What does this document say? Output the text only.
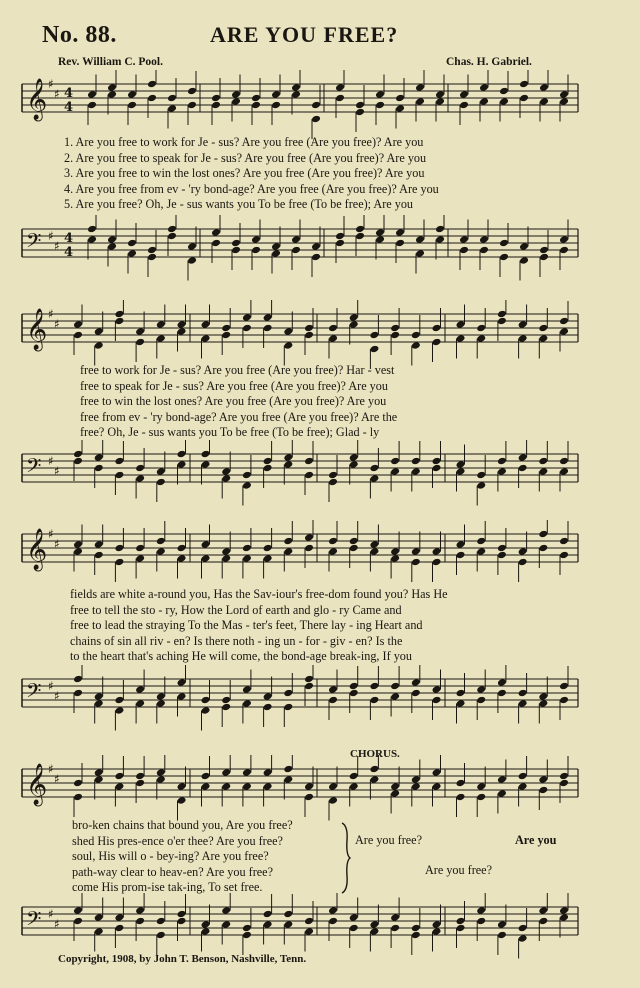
No. 88.	ARE YOU FREE?
Rev. William C. Pool.	Chas. H. Gabriel.
𝄞 ♯
♯ 4
4
1. Are you free to work for Je - sus? Are you free (Are you free)? Are you
2. Are you free to speak for Je - sus? Are you free (Are you free)? Are you
3. Are you free to win the lost ones? Are you free (Are you free)? Are you
4. Are you free from ev - 'ry bond-age? Are you free (Are you free)? Are you
5. Are you free? Oh, Je - sus wants you To be free (To be free); Are you
𝄢 ♯
♯ 4
4
𝄞 ♯
♯
free to work for Je - sus? Are you free (Are you free)? Har - vest
free to speak for Je - sus? Are you free (Are you free)? Are you
free to win the lost ones? Are you free (Are you free)? Are you
free from ev - 'ry bond-age? Are you free (Are you free)? Are the
free? Oh, Je - sus wants you To be free (To be free); Glad - ly
𝄢 ♯
♯
𝄞 ♯
♯
fields are white a-round you, Has the Sav-iour's free-dom found you? Has He
free to tell the sto - ry, How the Lord of earth and glo - ry Came and
free to lead the straying To the Mas - ter's feet, There lay - ing Heart and
chains of sin all riv - en? Is there noth - ing un - for - giv - en? Is the
to the heart that's aching He will come, the bond-age break-ing, If you
𝄢 ♯
♯
CHORUS.
𝄞 ♯
♯
bro-ken chains that bound you, Are you free?
shed His pres-ence o'er thee? Are you free?
soul, His will o - bey-ing? Are you free?
path-way clear to heav-en? Are you free?
come His prom-ise tak-ing, To set free.
Are you free?	Are you
Are you free?
𝄢 ♯
♯
Copyright, 1908, by John T. Benson, Nashville, Tenn.
